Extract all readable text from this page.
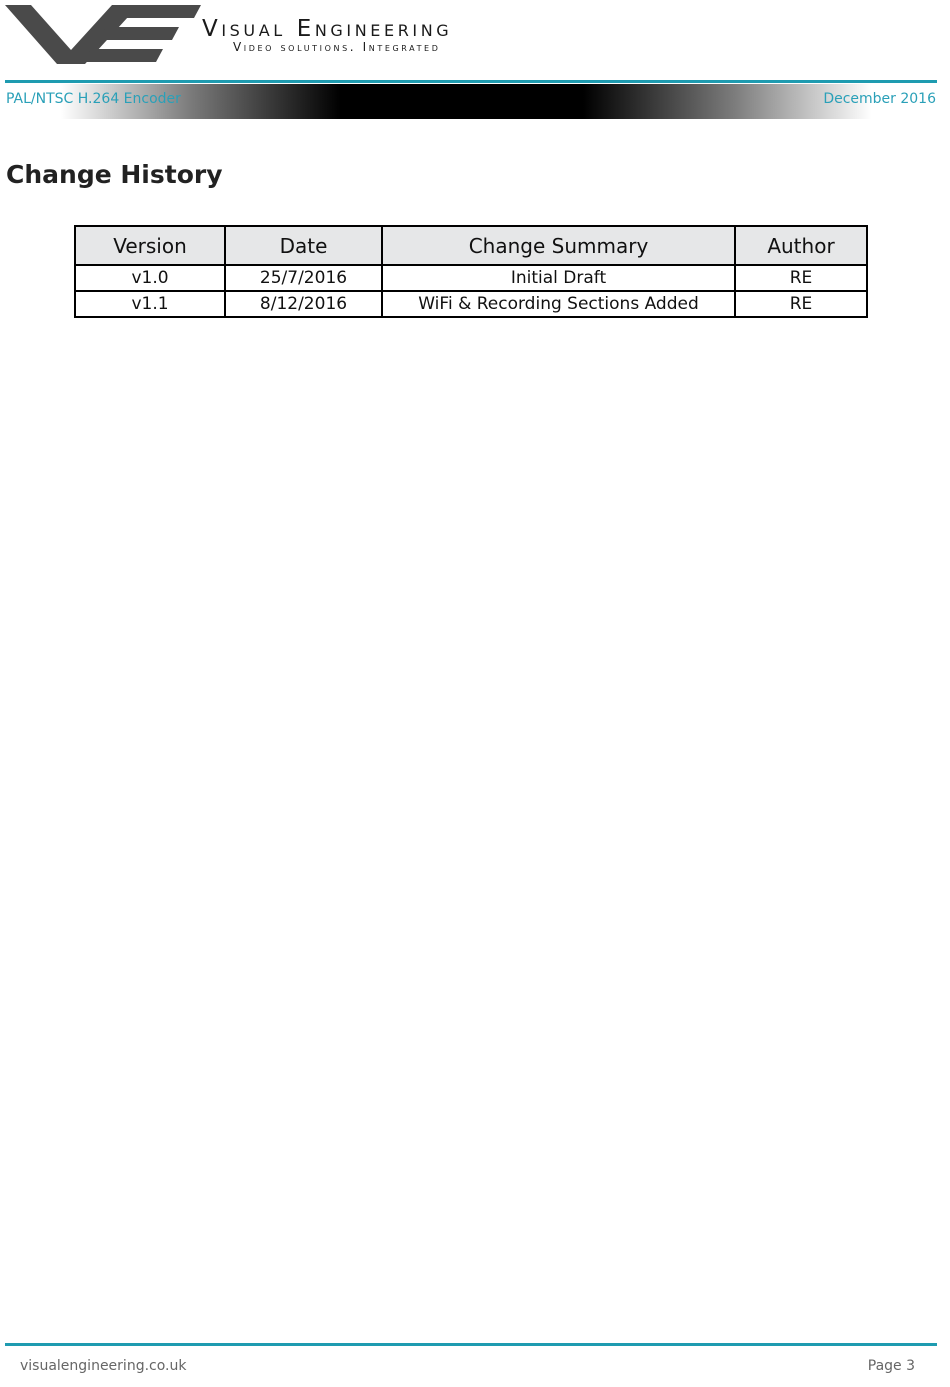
Visual Engineering
Video solutions. Integrated
PAL/NTSC H.264 Encoder	December 2016
Change History
Version	Date	Change Summary	Author
v1.0	25/7/2016	Initial Draft	RE
v1.1	8/12/2016	WiFi & Recording Sections Added	RE
visualengineering.co.uk	Page 3
